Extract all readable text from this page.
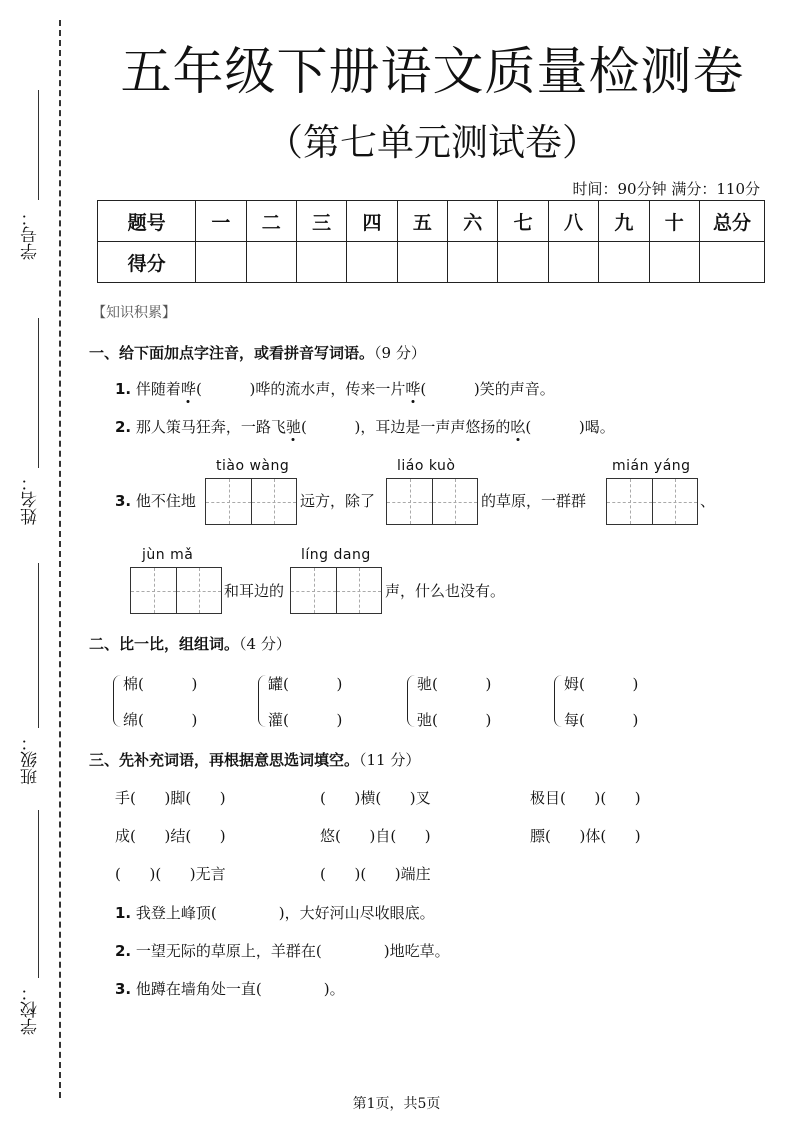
学号：
姓名：
班级：
学校：
五年级下册语文质量检测卷
（第七单元测试卷）
时间：90分钟 满分：110分
题号	一	二	三	四	五	六	七	八	九	十	总分
得分											
【知识积累】
一、给下面加点字注音，或看拼音写词语。（9 分）
1. 伴随着哗(          )哗的流水声，传来一片哗(          )笑的声音。
2. 那人策马狂奔，一路飞驰(          )，耳边是一声声悠扬的吆(          )喝。
3. 他不住地
tiào wàng
远方，除了
liáo kuò
的草原，一群群
mián yáng
、
jùn mǎ
和耳边的
líng dang
声，什么也没有。
二、比一比，组组词。（4 分）
棉(          )
绵(          )
罐(          )
灌(          )
驰(          )
弛(          )
姆(          )
每(          )
三、先补充词语，再根据意思选词填空。（11 分）
手(      )脚(      )	(      )横(      )叉	极目(      )(      )
成(      )结(      )	悠(      )自(      )	膘(      )体(      )
(      )(      )无言	(      )(      )端庄
1. 我登上峰顶(             )，大好河山尽收眼底。
2. 一望无际的草原上，羊群在(             )地吃草。
3. 他蹲在墙角处一直(             )。
第1页，共5页
